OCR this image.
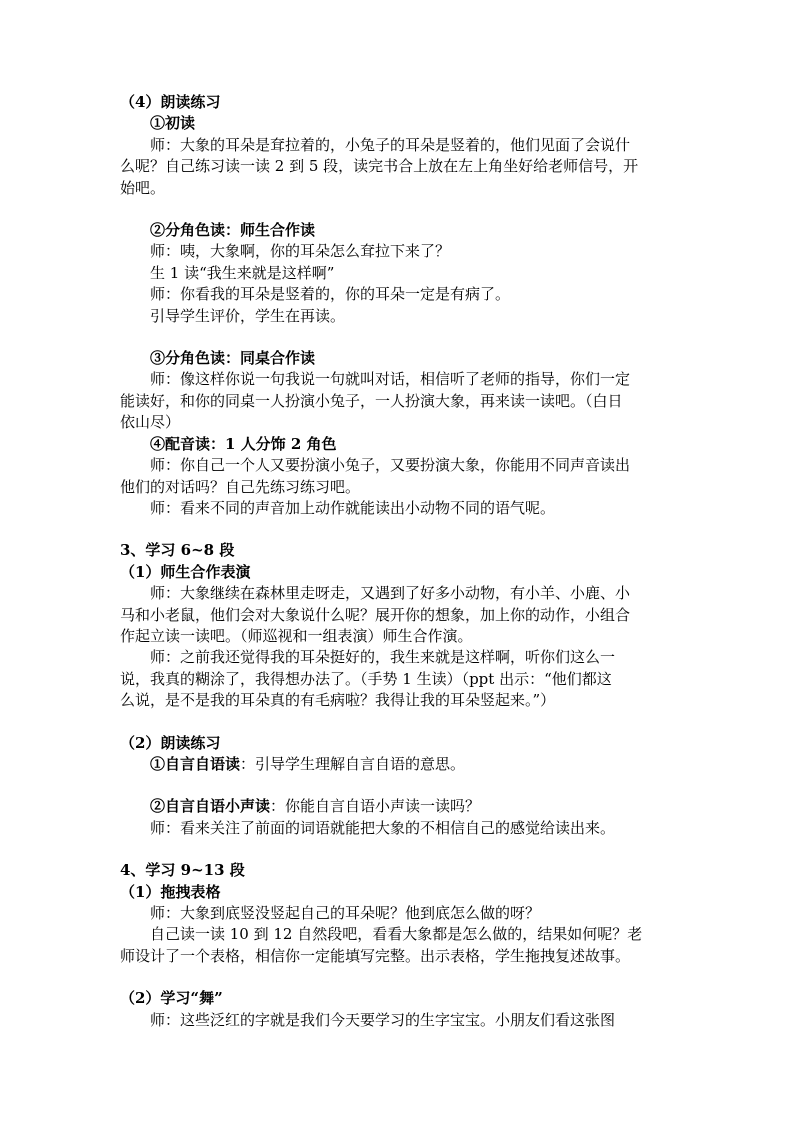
（4）朗读练习
①初读
师：大象的耳朵是耷拉着的，小兔子的耳朵是竖着的，他们见面了会说什
么呢？自己练习读一读 2 到 5 段，读完书合上放在左上角坐好给老师信号，开
始吧。
②分角色读：师生合作读
师：咦，大象啊，你的耳朵怎么耷拉下来了？
生 1 读“我生来就是这样啊”
师：你看我的耳朵是竖着的，你的耳朵一定是有病了。
引导学生评价，学生在再读。
③分角色读：同桌合作读
师：像这样你说一句我说一句就叫对话，相信听了老师的指导，你们一定
能读好，和你的同桌一人扮演小兔子，一人扮演大象，再来读一读吧。（白日
依山尽）
④配音读：1 人分饰 2 角色
师：你自己一个人又要扮演小兔子，又要扮演大象，你能用不同声音读出
他们的对话吗？自己先练习练习吧。
师：看来不同的声音加上动作就能读出小动物不同的语气呢。
3、学习 6~8 段
（1）师生合作表演
师：大象继续在森林里走呀走，又遇到了好多小动物，有小羊、小鹿、小
马和小老鼠，他们会对大象说什么呢？展开你的想象，加上你的动作，小组合
作起立读一读吧。（师巡视和一组表演）师生合作演。
师：之前我还觉得我的耳朵挺好的，我生来就是这样啊，听你们这么一
说，我真的糊涂了，我得想办法了。（手势 1 生读）（ppt 出示：“他们都这
么说，是不是我的耳朵真的有毛病啦？我得让我的耳朵竖起来。”）
（2）朗读练习
①自言自语读：引导学生理解自言自语的意思。
②自言自语小声读：你能自言自语小声读一读吗？
师：看来关注了前面的词语就能把大象的不相信自己的感觉给读出来。
4、学习 9~13 段
（1）拖拽表格
师：大象到底竖没竖起自己的耳朵呢？他到底怎么做的呀？
自己读一读 10 到 12 自然段吧，看看大象都是怎么做的，结果如何呢？老
师设计了一个表格，相信你一定能填写完整。出示表格，学生拖拽复述故事。
（2）学习“舞”
师：这些泛红的字就是我们今天要学习的生字宝宝。小朋友们看这张图
